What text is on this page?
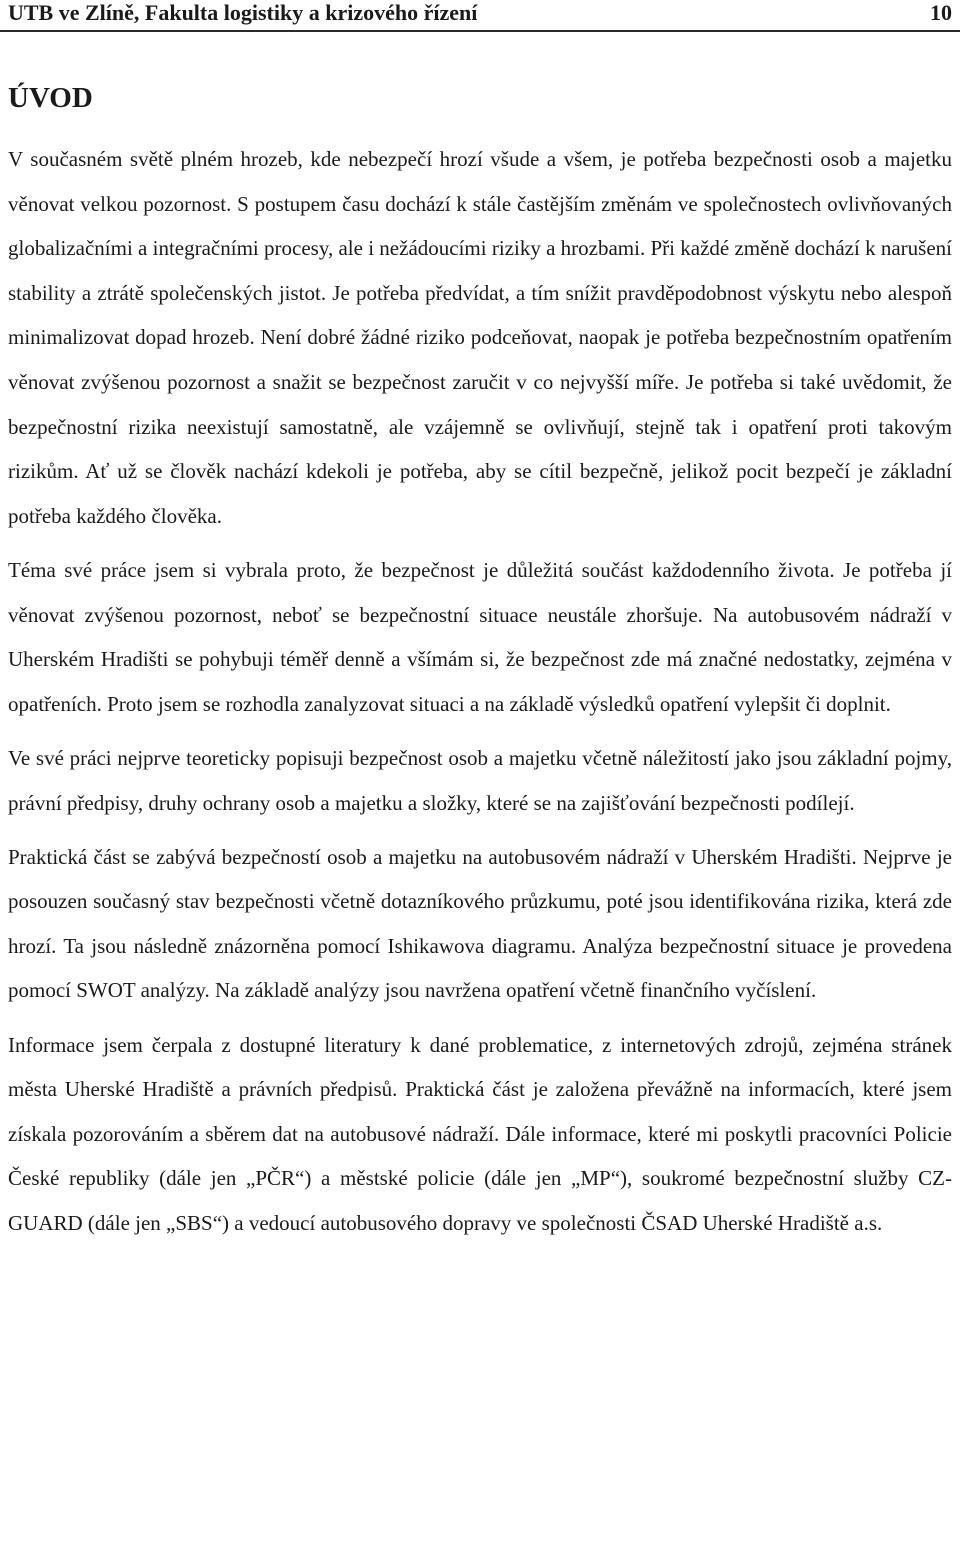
UTB ve Zlíně, Fakulta logistiky a krizového řízení	10
ÚVOD

V současném světě plném hrozeb, kde nebezpečí hrozí všude a všem, je potřeba bezpečnosti osob a majetku věnovat velkou pozornost. S postupem času dochází k stále častějším změnám ve společnostech ovlivňovaných globalizačními a integračními procesy, ale i nežádoucími riziky a hrozbami. Při každé změně dochází k narušení stability a ztrátě společenských jistot. Je potřeba předvídat, a tím snížit pravděpodobnost výskytu nebo alespoň minimalizovat dopad hrozeb. Není dobré žádné riziko podceňovat, naopak je potřeba bezpečnostním opatřením věnovat zvýšenou pozornost a snažit se bezpečnost zaručit v co nejvyšší míře. Je potřeba si také uvědomit, že bezpečnostní rizika neexistují samostatně, ale vzájemně se ovlivňují, stejně tak i opatření proti takovým rizikům. Ať už se člověk nachází kdekoli je potřeba, aby se cítil bezpečně, jelikož pocit bezpečí je základní potřeba každého člověka.

Téma své práce jsem si vybrala proto, že bezpečnost je důležitá součást každodenního života. Je potřeba jí věnovat zvýšenou pozornost, neboť se bezpečnostní situace neustále zhoršuje. Na autobusovém nádraží v Uherském Hradišti se pohybuji téměř denně a všímám si, že bezpečnost zde má značné nedostatky, zejména v opatřeních. Proto jsem se rozhodla zanalyzovat situaci a na základě výsledků opatření vylepšit či doplnit.

Ve své práci nejprve teoreticky popisuji bezpečnost osob a majetku včetně náležitostí jako jsou základní pojmy, právní předpisy, druhy ochrany osob a majetku a složky, které se na zajišťování bezpečnosti podílejí.

Praktická část se zabývá bezpečností osob a majetku na autobusovém nádraží v Uherském Hradišti. Nejprve je posouzen současný stav bezpečnosti včetně dotazníkového průzkumu, poté jsou identifikována rizika, která zde hrozí. Ta jsou následně znázorněna pomocí Ishikawova diagramu. Analýza bezpečnostní situace je provedena pomocí SWOT analýzy. Na základě analýzy jsou navržena opatření včetně finančního vyčíslení.

Informace jsem čerpala z dostupné literatury k dané problematice, z internetových zdrojů, zejména stránek města Uherské Hradiště a právních předpisů. Praktická část je založena převážně na informacích, které jsem získala pozorováním a sběrem dat na autobusové nádraží. Dále informace, které mi poskytli pracovníci Policie České republiky (dále jen „PČR“) a městské policie (dále jen „MP“), soukromé bezpečnostní služby CZ-GUARD (dále jen „SBS“) a vedoucí autobusového dopravy ve společnosti ČSAD Uherské Hradiště a.s.
